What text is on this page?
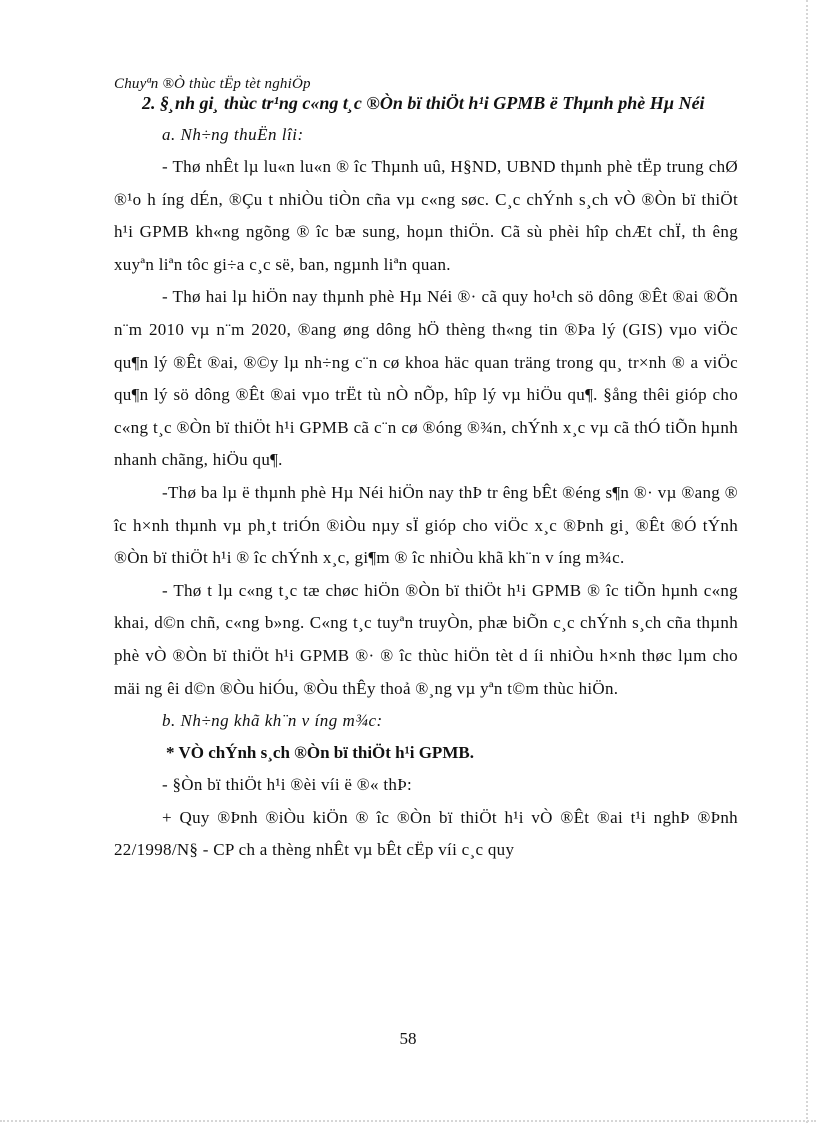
Chuyªn ®Ò thùc tËp tèt nghiÖp

2. §¸nh gi¸ thùc tr¹ng c«ng t¸c ®Òn bï thiÖt h¹i GPMB ë Thµnh phè Hµ Néi

a. Nh÷ng thuËn lîi:

- Thø nhÊt lµ lu«n lu«n ® îc Thµnh uû, H§ND, UBND thµnh phè tËp trung chØ ®¹o h íng dÉn, ®Çu t nhiÒu tiÒn cña vµ c«ng søc. C¸c chÝnh s¸ch vÒ ®Òn bï thiÖt h¹i GPMB kh«ng ngõng ® îc bæ sung, hoµn thiÖn. Cã sù phèi hîp chÆt chÏ, th êng xuyªn liªn tôc gi÷a c¸c së, ban, ngµnh liªn quan.

- Thø hai lµ hiÖn nay thµnh phè Hµ Néi ®· cã quy ho¹ch sö dông ®Êt ®ai ®Õn n¨m 2010 vµ n¨m 2020, ®ang øng dông hÖ thèng th«ng tin ®Þa lý (GIS) vµo viÖc qu¶n lý ®Êt ®ai, ®©y lµ nh÷ng c¨n cø khoa häc quan träng trong qu¸ tr×nh ® a viÖc qu¶n lý sö dông ®Êt ®ai vµo trËt tù nÒ nÕp, hîp lý vµ hiÖu qu¶. §ång thêi gióp cho c«ng t¸c ®Òn bï thiÖt h¹i GPMB cã c¨n cø ®óng ®¾n, chÝnh x¸c vµ cã thÓ tiÕn hµnh nhanh chãng, hiÖu qu¶.

-Thø ba lµ ë thµnh phè Hµ Néi hiÖn nay thÞ tr êng bÊt ®éng s¶n ®· vµ ®ang ® îc h×nh thµnh vµ ph¸t triÓn ®iÒu nµy sÏ gióp cho viÖc x¸c ®Þnh gi¸ ®Êt ®Ó tÝnh ®Òn bï thiÖt h¹i ® îc chÝnh x¸c, gi¶m ® îc nhiÒu khã kh¨n v íng m¾c.

- Thø t lµ c«ng t¸c tæ chøc hiÖn ®Òn bï thiÖt h¹i GPMB ® îc tiÕn hµnh c«ng khai, d©n chñ, c«ng b»ng. C«ng t¸c tuyªn truyÒn, phæ biÕn c¸c chÝnh s¸ch cña thµnh phè vÒ ®Òn bï thiÖt h¹i GPMB ®· ® îc thùc hiÖn tèt d íi nhiÒu h×nh thøc lµm cho mäi ng êi d©n ®Òu hiÓu, ®Òu thÊy thoả ®¸ng vµ yªn t©m thùc hiÖn.

b. Nh÷ng khã kh¨n v íng m¾c:

* VÒ chÝnh s¸ch ®Òn bï thiÖt h¹i GPMB.

- §Òn bï thiÖt h¹i ®èi víi ë ®« thÞ:

+ Quy ®Þnh ®iÒu kiÖn ® îc ®Òn bï thiÖt h¹i vÒ ®Êt ®ai t¹i nghÞ ®Þnh 22/1998/N§ - CP ch a thèng nhÊt vµ bÊt cËp víi c¸c quy

58
